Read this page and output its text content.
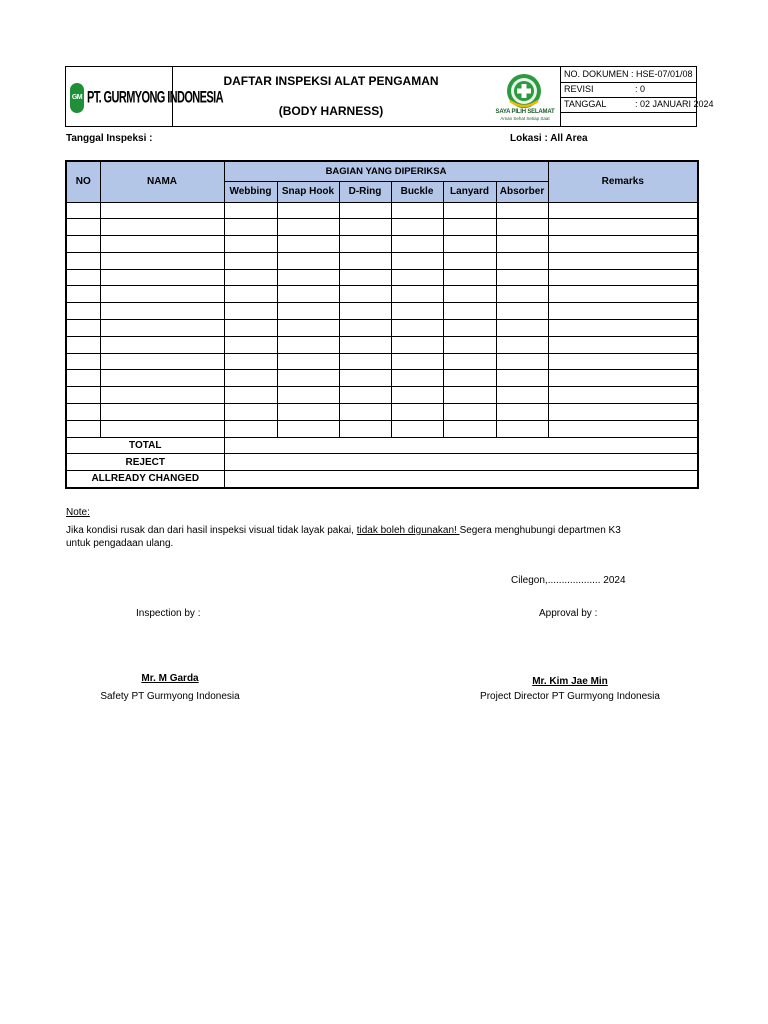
GM PT. GURMYONG INDONESIA
DAFTAR INSPEKSI ALAT PENGAMAN
(BODY HARNESS)	SAYA PILIH SELAMAT
Aman Sehat Setiap Saat
NO. DOKUMEN : HSE-07/01/08
REVISI	: 0
TANGGAL	: 02 JANUARI 2024
Tanggal Inspeksi :	Lokasi : All Area
NO	NAMA	BAGIAN YANG DIPERIKSA						Remarks
		Webbing	Snap Hook	D-Ring	Buckle	Lanyard	Absorber	

TOTAL								
REJECT								
ALLREADY CHANGED								
Note:
Jika kondisi rusak dan dari hasil inspeksi visual tidak layak pakai, tidak boleh digunakan! Segera menghubungi departmen K3
untuk pengadaan ulang.
Cilegon,................... 2024
Inspection by :	Approval by :
Mr. M Garda
Safety PT Gurmyong Indonesia
Mr. Kim Jae Min
Project Director PT Gurmyong Indonesia
